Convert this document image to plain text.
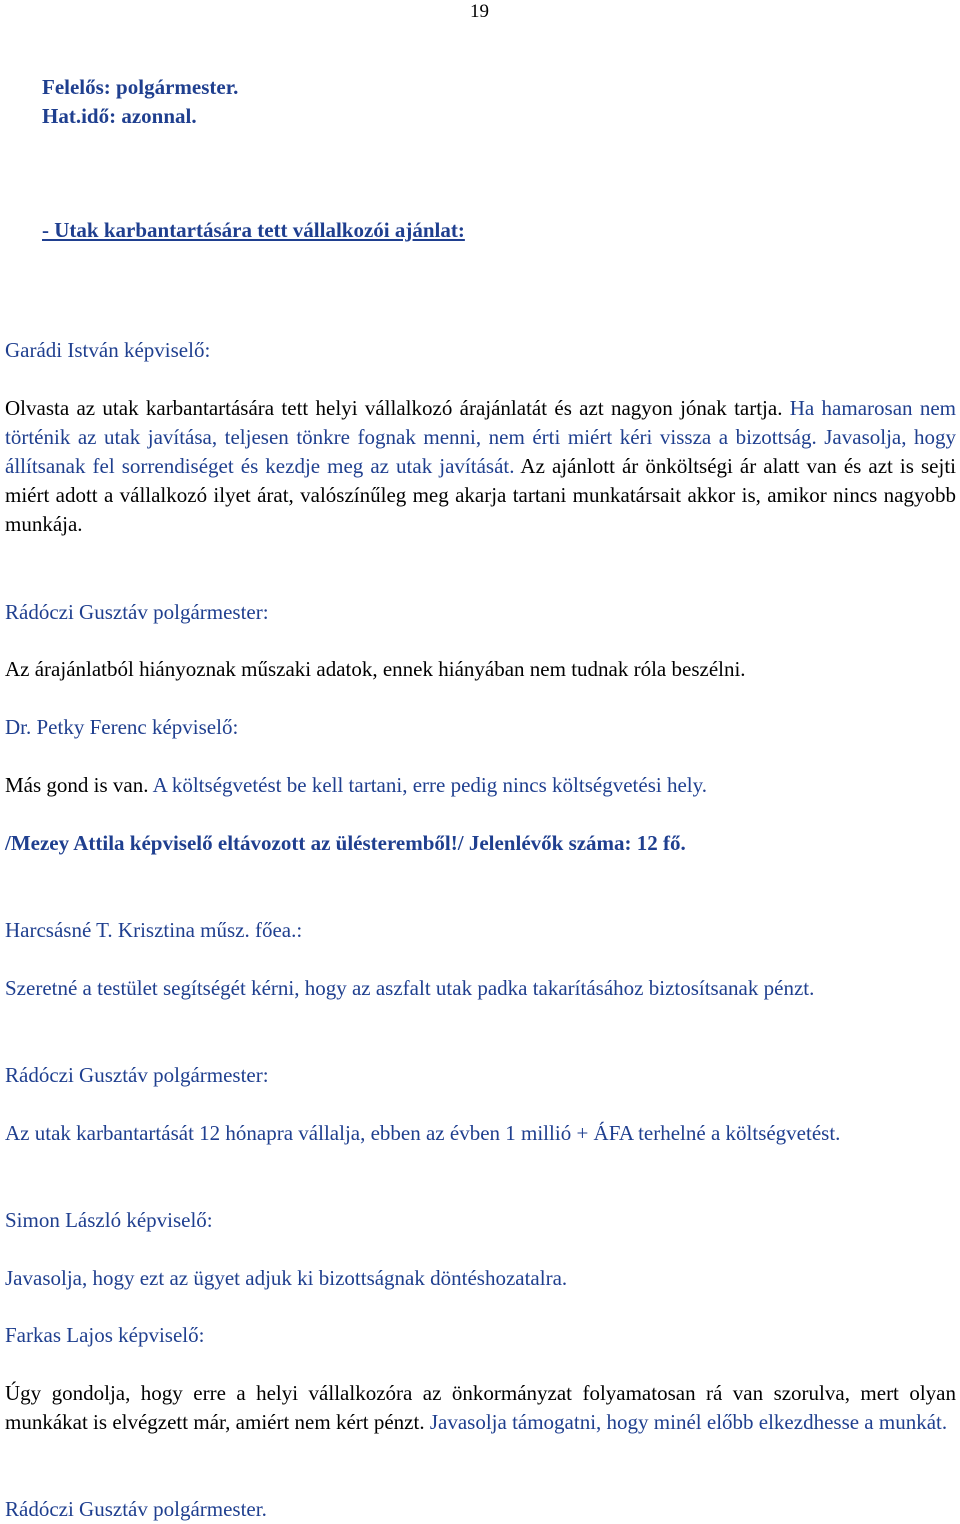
19
Felelős: polgármester.
Hat.idő: azonnal.
- Utak karbantartására tett vállalkozói ajánlat:

Garádi István képviselő:

Olvasta az utak karbantartására tett helyi vállalkozó árajánlatát és azt nagyon jónak tartja. Ha hamarosan nem történik az utak javítása, teljesen tönkre fognak menni, nem érti miért kéri vissza a bizottság. Javasolja, hogy állítsanak fel sorrendiséget és kezdje meg az utak javítását. Az ajánlott ár önköltségi ár alatt van és azt is sejti miért adott a vállalkozó ilyet árat, valószínűleg meg akarja tartani munkatársait akkor is, amikor nincs nagyobb munkája.

Rádóczi Gusztáv polgármester:

Az árajánlatból hiányoznak műszaki adatok, ennek hiányában nem tudnak róla beszélni.

Dr. Petky Ferenc képviselő:

Más gond is van. A költségvetést be kell tartani, erre pedig nincs költségvetési hely.

/Mezey Attila képviselő eltávozott az ülésteremből!/ Jelenlévők száma: 12 fő.

Harcsásné T. Krisztina műsz. főea.:

Szeretné a testület segítségét kérni, hogy az aszfalt utak padka takarításához biztosítsanak pénzt.

Rádóczi Gusztáv polgármester:

Az utak karbantartását 12 hónapra vállalja, ebben az évben 1 millió + ÁFA terhelné a költségvetést.

Simon László képviselő:

Javasolja, hogy ezt az ügyet adjuk ki bizottságnak döntéshozatalra.

Farkas Lajos képviselő:

Úgy gondolja, hogy erre a helyi vállalkozóra az önkormányzat folyamatosan rá van szorulva, mert olyan munkákat is elvégzett már, amiért nem kért pénzt. Javasolja támogatni, hogy minél előbb elkezdhesse a munkát.

Rádóczi Gusztáv polgármester.
